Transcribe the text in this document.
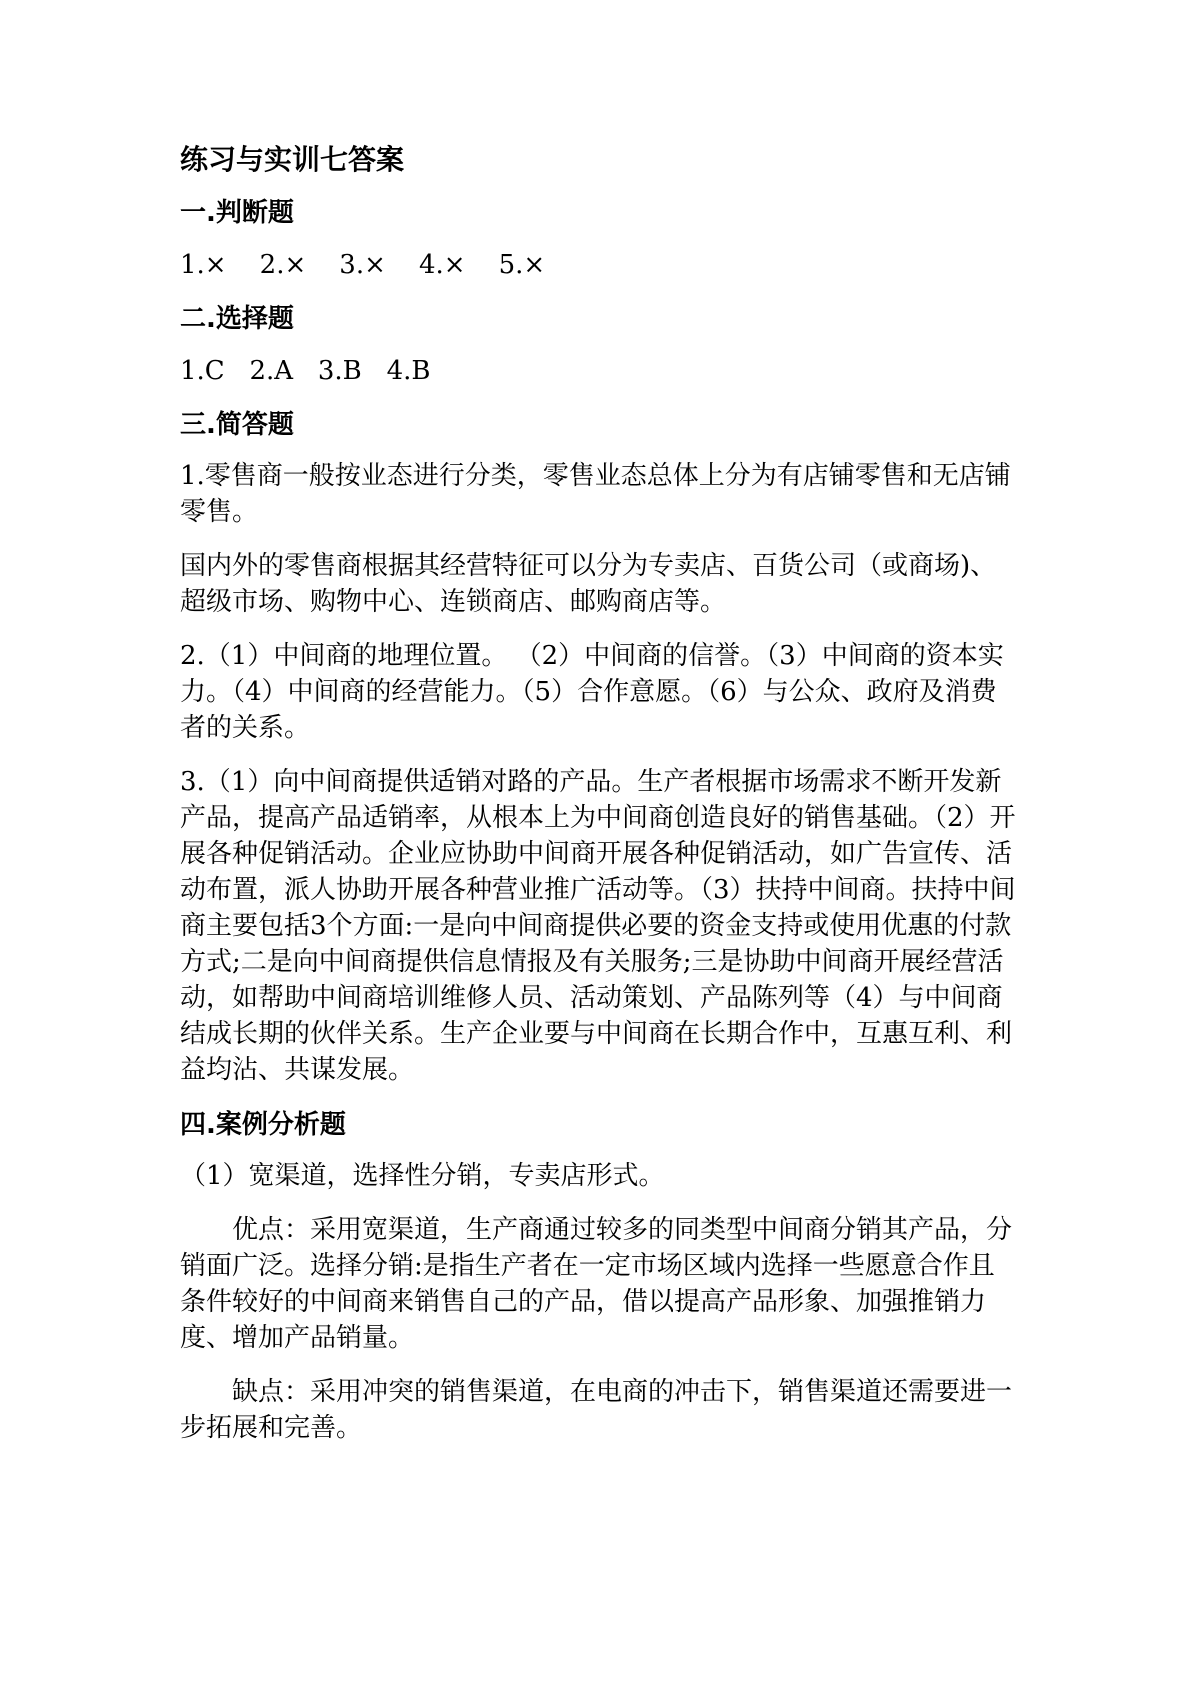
练习与实训七答案
一.判断题
1.×    2.×    3.×    4.×    5.×
二.选择题
1.C   2.A   3.B   4.B
三.简答题
1.零售商一般按业态进行分类，零售业态总体上分为有店铺零售和无店铺零售。
国内外的零售商根据其经营特征可以分为专卖店、百货公司（或商场)、超级市场、购物中心、连锁商店、邮购商店等。
2.（1）中间商的地理位置。 （2）中间商的信誉。（3）中间商的资本实力。（4）中间商的经营能力。（5）合作意愿。（6）与公众、政府及消费者的关系。
3.（1）向中间商提供适销对路的产品。生产者根据市场需求不断开发新产品，提高产品适销率，从根本上为中间商创造良好的销售基础。（2）开展各种促销活动。企业应协助中间商开展各种促销活动，如广告宣传、活动布置，派人协助开展各种营业推广活动等。（3）扶持中间商。扶持中间商主要包括3个方面:一是向中间商提供必要的资金支持或使用优惠的付款方式;二是向中间商提供信息情报及有关服务;三是协助中间商开展经营活动，如帮助中间商培训维修人员、活动策划、产品陈列等（4）与中间商结成长期的伙伴关系。生产企业要与中间商在长期合作中，互惠互利、利益均沾、共谋发展。
四.案例分析题
（1）宽渠道，选择性分销，专卖店形式。
优点：采用宽渠道，生产商通过较多的同类型中间商分销其产品，分销面广泛。选择分销:是指生产者在一定市场区域内选择一些愿意合作且条件较好的中间商来销售自己的产品，借以提高产品形象、加强推销力度、增加产品销量。
缺点：采用冲突的销售渠道，在电商的冲击下，销售渠道还需要进一步拓展和完善。
